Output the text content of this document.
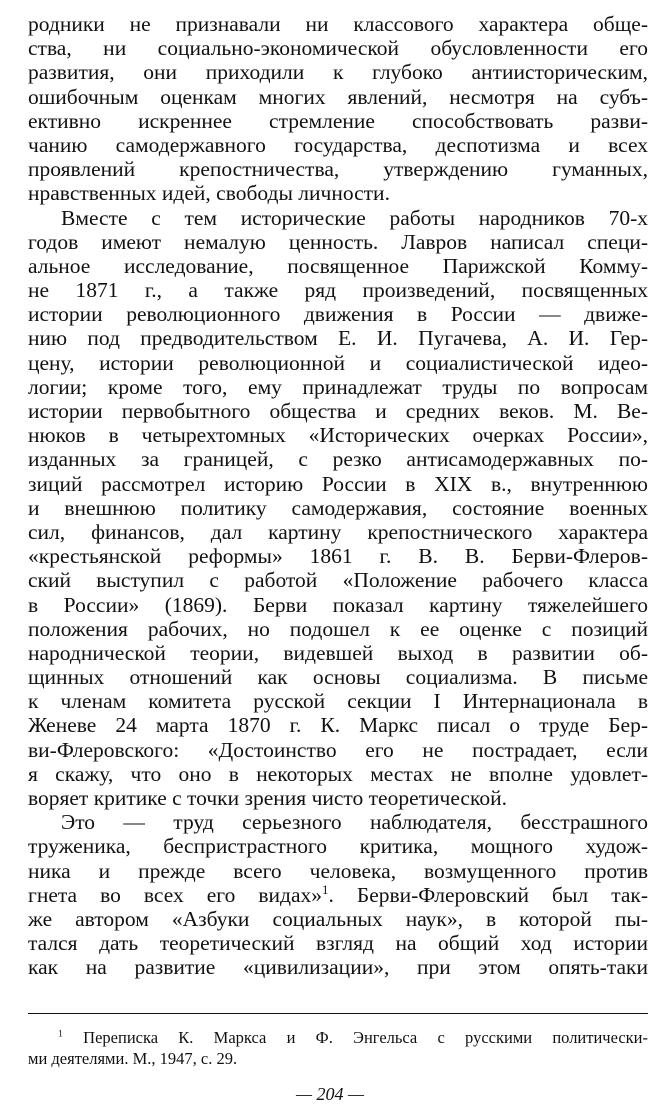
родники не признавали ни классового характера обще-
ства, ни социально-экономической обусловленности его
развития, они приходили к глубоко антиисторическим,
ошибочным оценкам многих явлений, несмотря на субъ-
ективно искреннее стремление способствовать разви-
чанию самодержавного государства, деспотизма и всех
проявлений крепостничества, утверждению гуманных,
нравственных идей, свободы личности.
Вместе с тем исторические работы народников 70-х
годов имеют немалую ценность. Лавров написал специ-
альное исследование, посвященное Парижской Комму-
не 1871 г., а также ряд произведений, посвященных
истории революционного движения в России — движе-
нию под предводительством Е. И. Пугачева, А. И. Гер-
цену, истории революционной и социалистической идео-
логии; кроме того, ему принадлежат труды по вопросам
истории первобытного общества и средних веков. М. Ве-
нюков в четырехтомных «Исторических очерках России»,
изданных за границей, с резко антисамодержавных по-
зиций рассмотрел историю России в XIX в., внутреннюю
и внешнюю политику самодержавия, состояние военных
сил, финансов, дал картину крепостнического характера
«крестьянской реформы» 1861 г. В. В. Берви-Флеров-
ский выступил с работой «Положение рабочего класса
в России» (1869). Берви показал картину тяжелейшего
положения рабочих, но подошел к ее оценке с позиций
народнической теории, видевшей выход в развитии об-
щинных отношений как основы социализма. В письме
к членам комитета русской секции I Интернационала в
Женеве 24 марта 1870 г. К. Маркс писал о труде Бер-
ви-Флеровского: «Достоинство его не пострадает, если
я скажу, что оно в некоторых местах не вполне удовлет-
воряет критике с точки зрения чисто теоретической.
Это — труд серьезного наблюдателя, бесстрашного
труженика, беспристрастного критика, мощного худож-
ника и прежде всего человека, возмущенного против
гнета во всех его видах»$^1$. Берви-Флеровский был так-
же автором «Азбуки социальных наук», в которой пы-
тался дать теоретический взгляд на общий ход истории
как на развитие «цивилизации», при этом опять-таки
$^1$ Переписка К. Маркса и Ф. Энгельса с русскими политически-
ми деятелями. М., 1947, с. 29.
— 204 —
